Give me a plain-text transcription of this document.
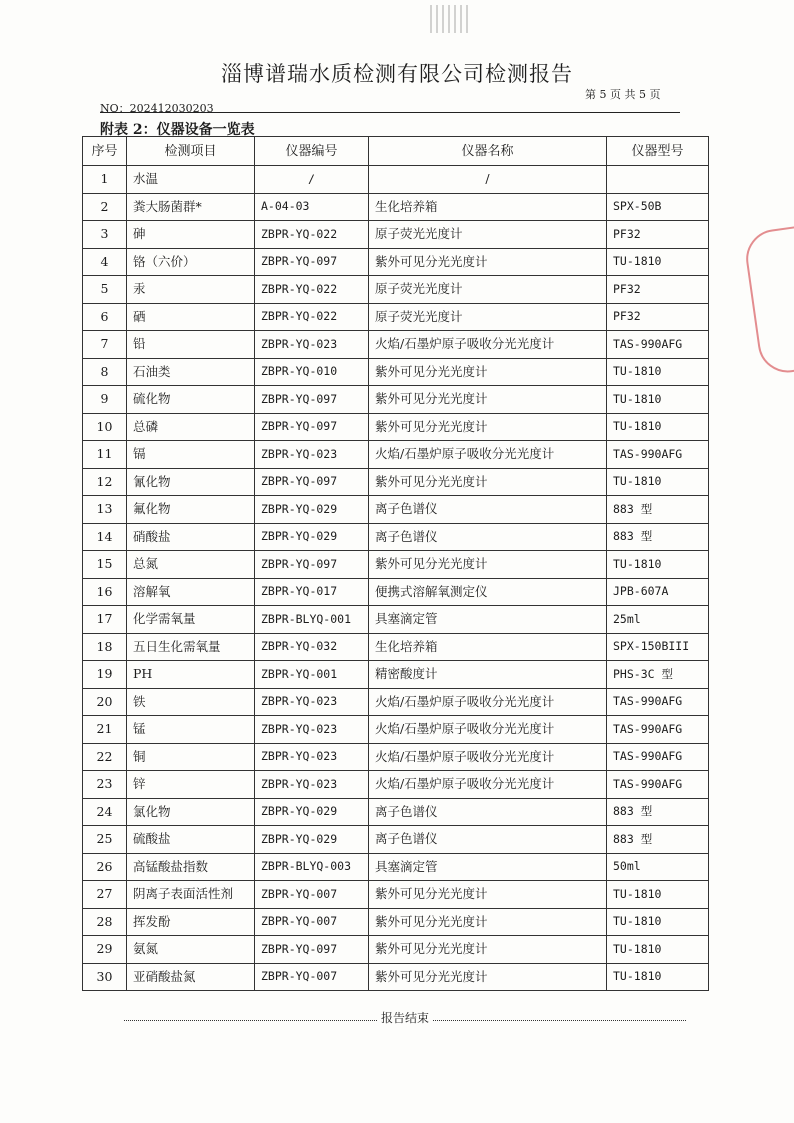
淄博谱瑞水质检测有限公司检测报告
第 5 页 共 5 页
NO：202412030203
附表 2：仪器设备一览表
序号	检测项目	仪器编号	仪器名称	仪器型号
1	水温	/	/	
2	粪大肠菌群*	A-04-03	生化培养箱	SPX-50B
3	砷	ZBPR-YQ-022	原子荧光光度计	PF32
4	铬（六价）	ZBPR-YQ-097	紫外可见分光光度计	TU-1810
5	汞	ZBPR-YQ-022	原子荧光光度计	PF32
6	硒	ZBPR-YQ-022	原子荧光光度计	PF32
7	铅	ZBPR-YQ-023	火焰/石墨炉原子吸收分光光度计	TAS-990AFG
8	石油类	ZBPR-YQ-010	紫外可见分光光度计	TU-1810
9	硫化物	ZBPR-YQ-097	紫外可见分光光度计	TU-1810
10	总磷	ZBPR-YQ-097	紫外可见分光光度计	TU-1810
11	镉	ZBPR-YQ-023	火焰/石墨炉原子吸收分光光度计	TAS-990AFG
12	氰化物	ZBPR-YQ-097	紫外可见分光光度计	TU-1810
13	氟化物	ZBPR-YQ-029	离子色谱仪	883 型
14	硝酸盐	ZBPR-YQ-029	离子色谱仪	883 型
15	总氮	ZBPR-YQ-097	紫外可见分光光度计	TU-1810
16	溶解氧	ZBPR-YQ-017	便携式溶解氧测定仪	JPB-607A
17	化学需氧量	ZBPR-BLYQ-001	具塞滴定管	25ml
18	五日生化需氧量	ZBPR-YQ-032	生化培养箱	SPX-150BIII
19	PH	ZBPR-YQ-001	精密酸度计	PHS-3C 型
20	铁	ZBPR-YQ-023	火焰/石墨炉原子吸收分光光度计	TAS-990AFG
21	锰	ZBPR-YQ-023	火焰/石墨炉原子吸收分光光度计	TAS-990AFG
22	铜	ZBPR-YQ-023	火焰/石墨炉原子吸收分光光度计	TAS-990AFG
23	锌	ZBPR-YQ-023	火焰/石墨炉原子吸收分光光度计	TAS-990AFG
24	氯化物	ZBPR-YQ-029	离子色谱仪	883 型
25	硫酸盐	ZBPR-YQ-029	离子色谱仪	883 型
26	高锰酸盐指数	ZBPR-BLYQ-003	具塞滴定管	50ml
27	阴离子表面活性剂	ZBPR-YQ-007	紫外可见分光光度计	TU-1810
28	挥发酚	ZBPR-YQ-007	紫外可见分光光度计	TU-1810
29	氨氮	ZBPR-YQ-097	紫外可见分光光度计	TU-1810
30	亚硝酸盐氮	ZBPR-YQ-007	紫外可见分光光度计	TU-1810
报告结束
